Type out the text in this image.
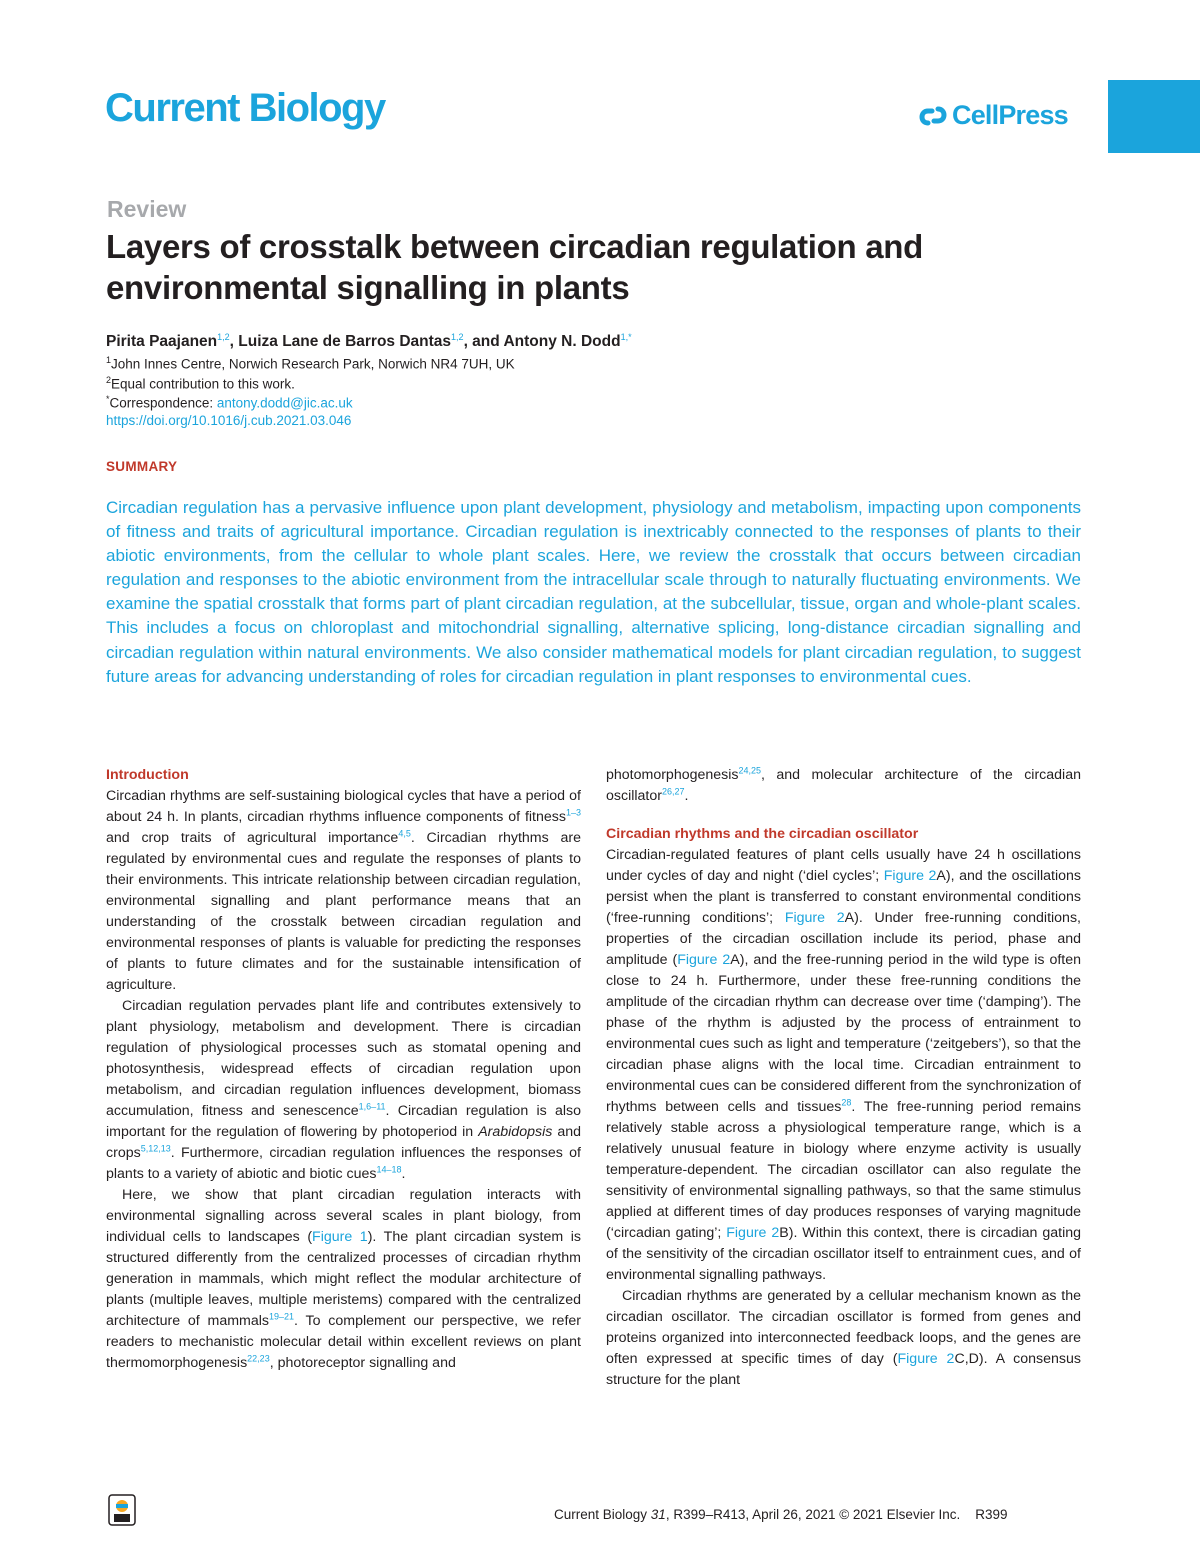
Current Biology	CellPress
Review
Layers of crosstalk between circadian regulation and environmental signalling in plants
Pirita Paajanen$^{1,2}$, Luiza Lane de Barros Dantas$^{1,2}$, and Antony N. Dodd$^{1,*}$
$^1$John Innes Centre, Norwich Research Park, Norwich NR4 7UH, UK
$^2$Equal contribution to this work.
*Correspondence: antony.dodd@jic.ac.uk
https://doi.org/10.1016/j.cub.2021.03.046
SUMMARY
Circadian regulation has a pervasive influence upon plant development, physiology and metabolism, impacting upon components of fitness and traits of agricultural importance. Circadian regulation is inextricably connected to the responses of plants to their abiotic environments, from the cellular to whole plant scales. Here, we review the crosstalk that occurs between circadian regulation and responses to the abiotic environment from the intracellular scale through to naturally fluctuating environments. We examine the spatial crosstalk that forms part of plant circadian regulation, at the subcellular, tissue, organ and whole-plant scales. This includes a focus on chloroplast and mitochondrial signalling, alternative splicing, long-distance circadian signalling and circadian regulation within natural environments. We also consider mathematical models for plant circadian regulation, to suggest future areas for advancing understanding of roles for circadian regulation in plant responses to environmental cues.
Introduction

Circadian rhythms are self-sustaining biological cycles that have a period of about 24 h. In plants, circadian rhythms influence components of fitness$^{1-3}$ and crop traits of agricultural importance$^{4,5}$. Circadian rhythms are regulated by environmental cues and regulate the responses of plants to their environments. This intricate relationship between circadian regulation, environmental signalling and plant performance means that an understanding of the crosstalk between circadian regulation and environmental responses of plants is valuable for predicting the responses of plants to future climates and for the sustainable intensification of agriculture.

Circadian regulation pervades plant life and contributes extensively to plant physiology, metabolism and development. There is circadian regulation of physiological processes such as stomatal opening and photosynthesis, widespread effects of circadian regulation upon metabolism, and circadian regulation influences development, biomass accumulation, fitness and senescence$^{1,6-11}$. Circadian regulation is also important for the regulation of flowering by photoperiod in Arabidopsis and crops$^{5,12,13}$. Furthermore, circadian regulation influences the responses of plants to a variety of abiotic and biotic cues$^{14-18}$.

Here, we show that plant circadian regulation interacts with environmental signalling across several scales in plant biology, from individual cells to landscapes (Figure 1). The plant circadian system is structured differently from the centralized processes of circadian rhythm generation in mammals, which might reflect the modular architecture of plants (multiple leaves, multiple meristems) compared with the centralized architecture of mammals$^{19-21}$. To complement our perspective, we refer readers to mechanistic molecular detail within excellent reviews on plant thermomorphogenesis$^{22,23}$, photoreceptor signalling and

photomorphogenesis$^{24,25}$, and molecular architecture of the circadian oscillator$^{26,27}$.

Circadian rhythms and the circadian oscillator

Circadian-regulated features of plant cells usually have 24 h oscillations under cycles of day and night (‘diel cycles’; Figure 2A), and the oscillations persist when the plant is transferred to constant environmental conditions (‘free-running conditions’; Figure 2A). Under free-running conditions, properties of the circadian oscillation include its period, phase and amplitude (Figure 2A), and the free-running period in the wild type is often close to 24 h. Furthermore, under these free-running conditions the amplitude of the circadian rhythm can decrease over time (‘damping’). The phase of the rhythm is adjusted by the process of entrainment to environmental cues such as light and temperature (‘zeitgebers’), so that the circadian phase aligns with the local time. Circadian entrainment to environmental cues can be considered different from the synchronization of rhythms between cells and tissues$^{28}$. The free-running period remains relatively stable across a physiological temperature range, which is a relatively unusual feature in biology where enzyme activity is usually temperature-dependent. The circadian oscillator can also regulate the sensitivity of environmental signalling pathways, so that the same stimulus applied at different times of day produces responses of varying magnitude (‘circadian gating’; Figure 2B). Within this context, there is circadian gating of the sensitivity of the circadian oscillator itself to entrainment cues, and of environmental signalling pathways.

Circadian rhythms are generated by a cellular mechanism known as the circadian oscillator. The circadian oscillator is formed from genes and proteins organized into interconnected feedback loops, and the genes are often expressed at specific times of day (Figure 2C,D). A consensus structure for the plant

Current Biology 31, R399–R413, April 26, 2021 © 2021 Elsevier Inc. R399
